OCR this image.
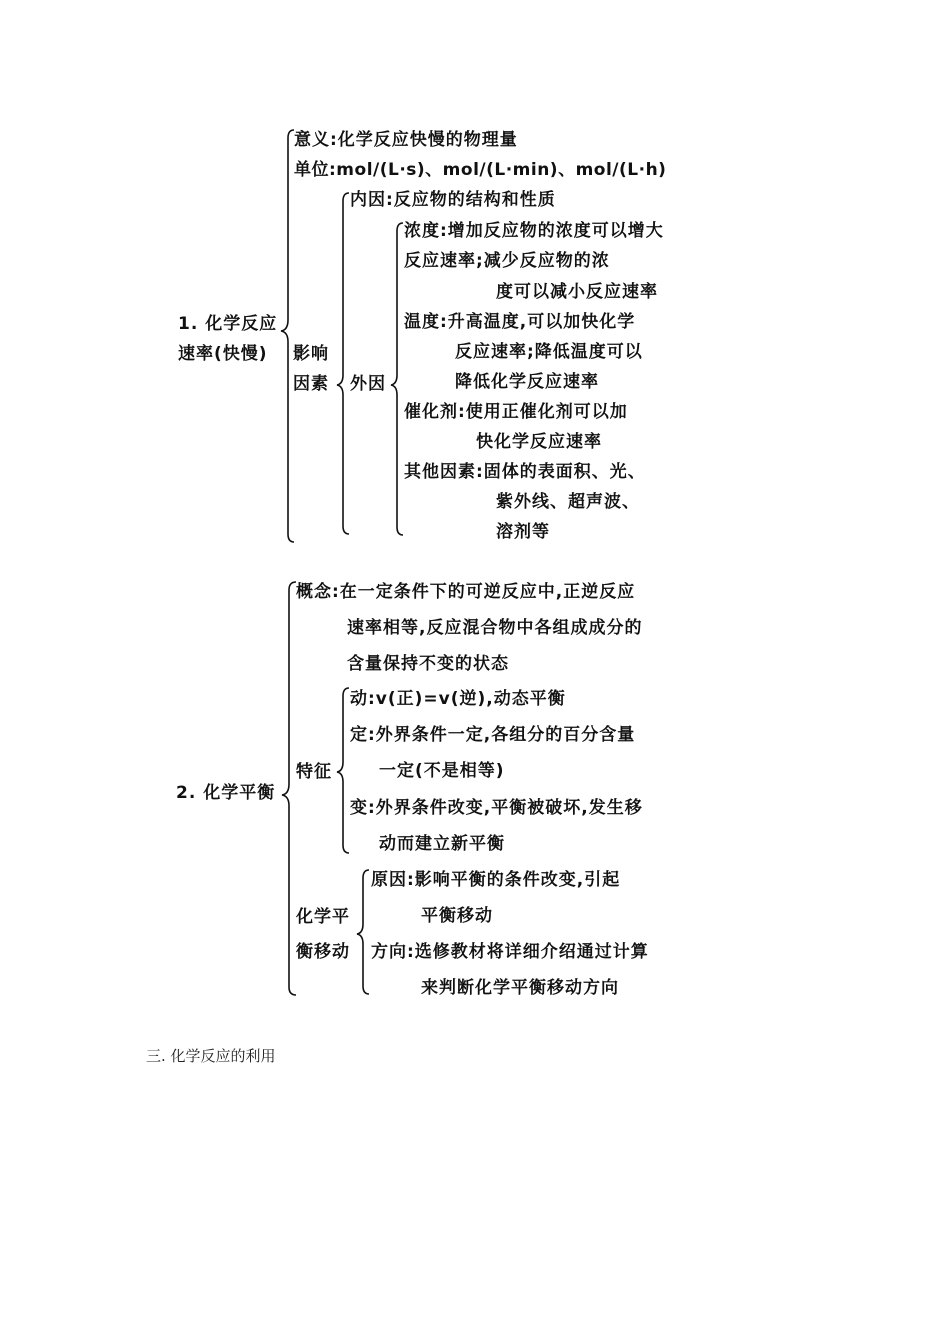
1. 化学反应
速率(快慢)
意义:化学反应快慢的物理量
单位:mol/(L·s)、mol/(L·min)、mol/(L·h)
影响
因素
内因:反应物的结构和性质
外因
浓度:增加反应物的浓度可以增大
反应速率;减少反应物的浓
度可以减小反应速率
温度:升高温度,可以加快化学
反应速率;降低温度可以
降低化学反应速率
催化剂:使用正催化剂可以加
快化学反应速率
其他因素:固体的表面积、光、
紫外线、超声波、
溶剂等
2. 化学平衡
概念:在一定条件下的可逆反应中,正逆反应
速率相等,反应混合物中各组成成分的
含量保持不变的状态
特征
动:v(正)=v(逆),动态平衡
定:外界条件一定,各组分的百分含量
一定(不是相等)
变:外界条件改变,平衡被破坏,发生移
动而建立新平衡
化学平
衡移动
原因:影响平衡的条件改变,引起
平衡移动
方向:选修教材将详细介绍通过计算
来判断化学平衡移动方向
三. 化学反应的利用
